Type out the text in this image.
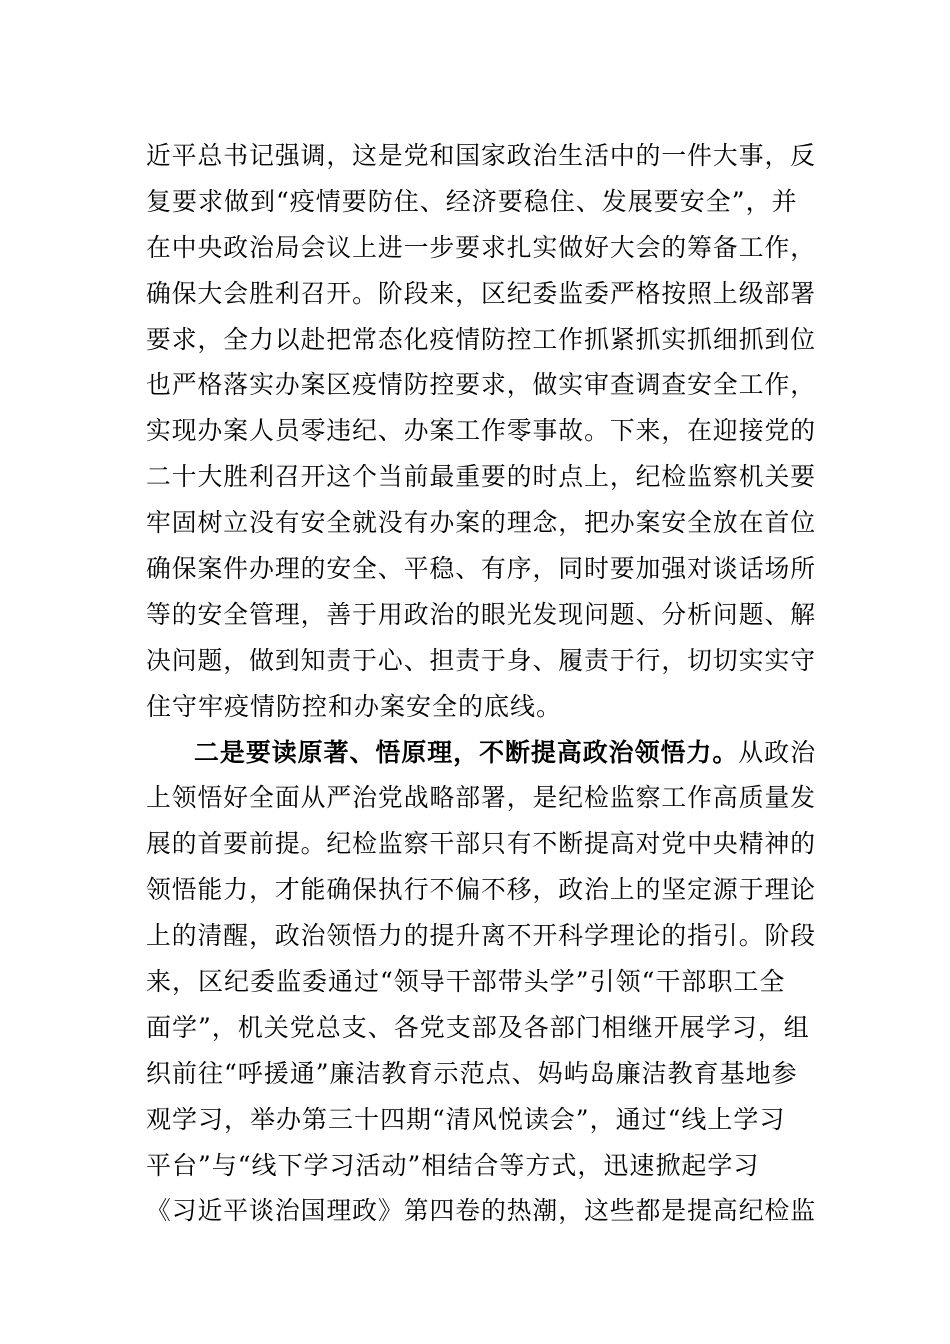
近平总书记强调，这是党和国家政治生活中的一件大事，反
复要求做到“疫情要防住、经济要稳住、发展要安全”，并
在中央政治局会议上进一步要求扎实做好大会的筹备工作，
确保大会胜利召开。阶段来，区纪委监委严格按照上级部署
要求，全力以赴把常态化疫情防控工作抓紧抓实抓细抓到位
也严格落实办案区疫情防控要求，做实审查调查安全工作，
实现办案人员零违纪、办案工作零事故。下来，在迎接党的
二十大胜利召开这个当前最重要的时点上，纪检监察机关要
牢固树立没有安全就没有办案的理念，把办案安全放在首位
确保案件办理的安全、平稳、有序，同时要加强对谈话场所
等的安全管理，善于用政治的眼光发现问题、分析问题、解
决问题，做到知责于心、担责于身、履责于行，切切实实守
住守牢疫情防控和办案安全的底线。
二是要读原著、悟原理，不断提高政治领悟力。从政治
上领悟好全面从严治党战略部署，是纪检监察工作高质量发
展的首要前提。纪检监察干部只有不断提高对党中央精神的
领悟能力，才能确保执行不偏不移，政治上的坚定源于理论
上的清醒，政治领悟力的提升离不开科学理论的指引。阶段
来，区纪委监委通过“领导干部带头学”引领“干部职工全
面学”，机关党总支、各党支部及各部门相继开展学习，组
织前往“呼援通”廉洁教育示范点、妈屿岛廉洁教育基地参
观学习，举办第三十四期“清风悦读会”，通过“线上学习
平台”与“线下学习活动”相结合等方式，迅速掀起学习
《习近平谈治国理政》第四卷的热潮，这些都是提高纪检监
